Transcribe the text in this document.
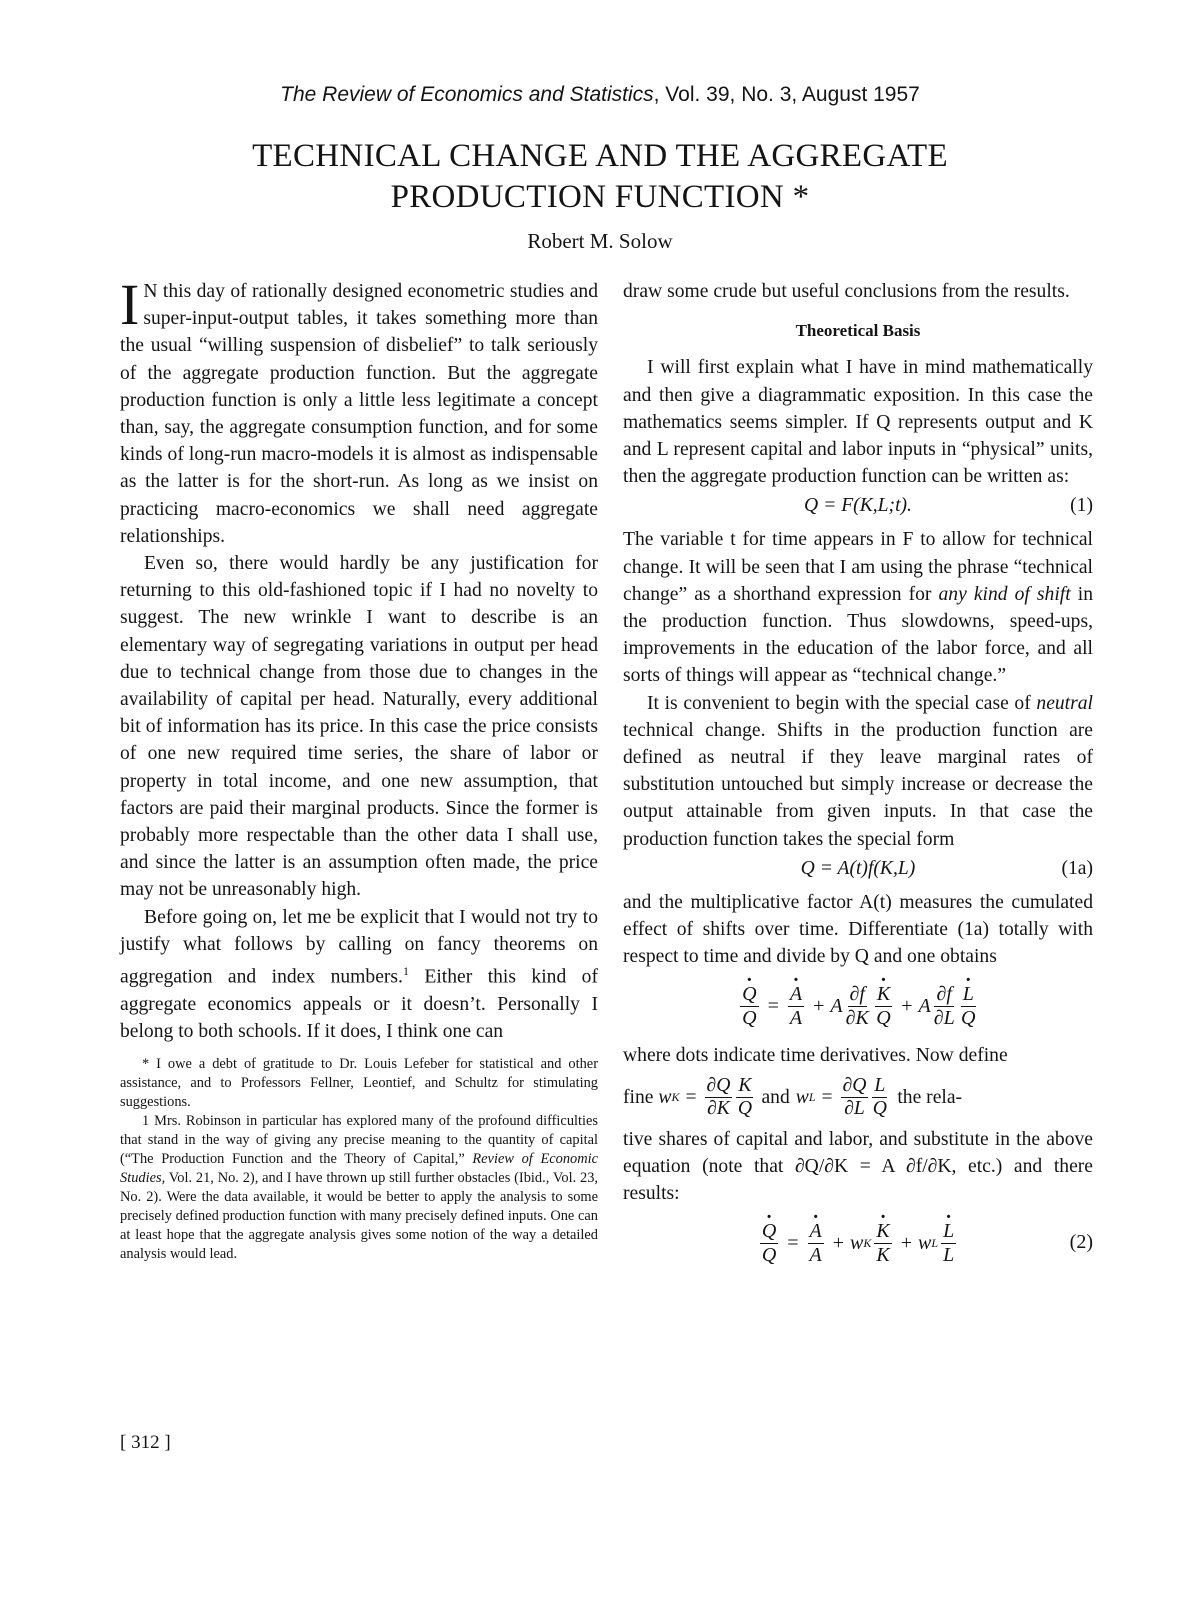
The Review of Economics and Statistics, Vol. 39, No. 3, August 1957
TECHNICAL CHANGE AND THE AGGREGATE
PRODUCTION FUNCTION *
Robert M. Solow

I N this day of rationally designed econometric studies and super-input-output tables, it takes something more than the usual “willing suspension of disbelief” to talk seriously of the aggregate production function. But the aggregate production function is only a little less legitimate a concept than, say, the aggregate consumption function, and for some kinds of long-run macro-models it is almost as indispensable as the latter is for the short-run. As long as we insist on practicing macro-economics we shall need aggregate relationships.

Even so, there would hardly be any justification for returning to this old-fashioned topic if I had no novelty to suggest. The new wrinkle I want to describe is an elementary way of segregating variations in output per head due to technical change from those due to changes in the availability of capital per head. Naturally, every additional bit of information has its price. In this case the price consists of one new required time series, the share of labor or property in total income, and one new assumption, that factors are paid their marginal products. Since the former is probably more respectable than the other data I shall use, and since the latter is an assumption often made, the price may not be unreasonably high.

Before going on, let me be explicit that I would not try to justify what follows by calling on fancy theorems on aggregation and index numbers.$^1$ Either this kind of aggregate economics appeals or it doesn’t. Personally I belong to both schools. If it does, I think one can

* I owe a debt of gratitude to Dr. Louis Lefeber for statistical and other assistance, and to Professors Fellner, Leontief, and Schultz for stimulating suggestions.

1 Mrs. Robinson in particular has explored many of the profound difficulties that stand in the way of giving any precise meaning to the quantity of capital (“The Production Function and the Theory of Capital,” Review of Economic Studies, Vol. 21, No. 2), and I have thrown up still further obstacles (Ibid., Vol. 23, No. 2). Were the data available, it would be better to apply the analysis to some precisely defined production function with many precisely defined inputs. One can at least hope that the aggregate analysis gives some notion of the way a detailed analysis would lead.

draw some crude but useful conclusions from the results.

Theoretical Basis

I will first explain what I have in mind mathematically and then give a diagrammatic exposition. In this case the mathematics seems simpler. If Q represents output and K and L represent capital and labor inputs in “physical” units, then the aggregate production function can be written as:

Q = F(K,L;t).	(1)

The variable t for time appears in F to allow for technical change. It will be seen that I am using the phrase “technical change” as a shorthand expression for any kind of shift in the production function. Thus slowdowns, speed-ups, improvements in the education of the labor force, and all sorts of things will appear as “technical change.”

It is convenient to begin with the special case of neutral technical change. Shifts in the production function are defined as neutral if they leave marginal rates of substitution untouched but simply increase or decrease the output attainable from given inputs. In that case the production function takes the special form

Q = A(t)f(K,L)	(1a)

and the multiplicative factor A(t) measures the cumulated effect of shifts over time. Differentiate (1a) totally with respect to time and divide by Q and one obtains

· $\frac{Q}{Q}$ =
· $\frac{A}{A} + A \frac{\partial f}{\partial K}$
· $\frac{K}{Q} + A \frac{\partial f}{\partial L}$
· $\frac{L}{Q}$

where dots indicate time derivatives. Now define

fine w $K = \frac{\partial Q}{\partial K} \frac{K}{Q}$ and w $L = \frac{\partial Q}{\partial L} \frac{L}{Q}$ the rela-

tive shares of capital and labor, and substitute in the above equation (note that ∂Q/∂K = A ∂f/∂K, etc.) and there results:

· $\frac{Q}{Q}$ =
· $\frac{A}{A} + w$ K
· $\frac{K}{K} + w$ L
· $\frac{L}{L}$	(2)
[ 312 ]
